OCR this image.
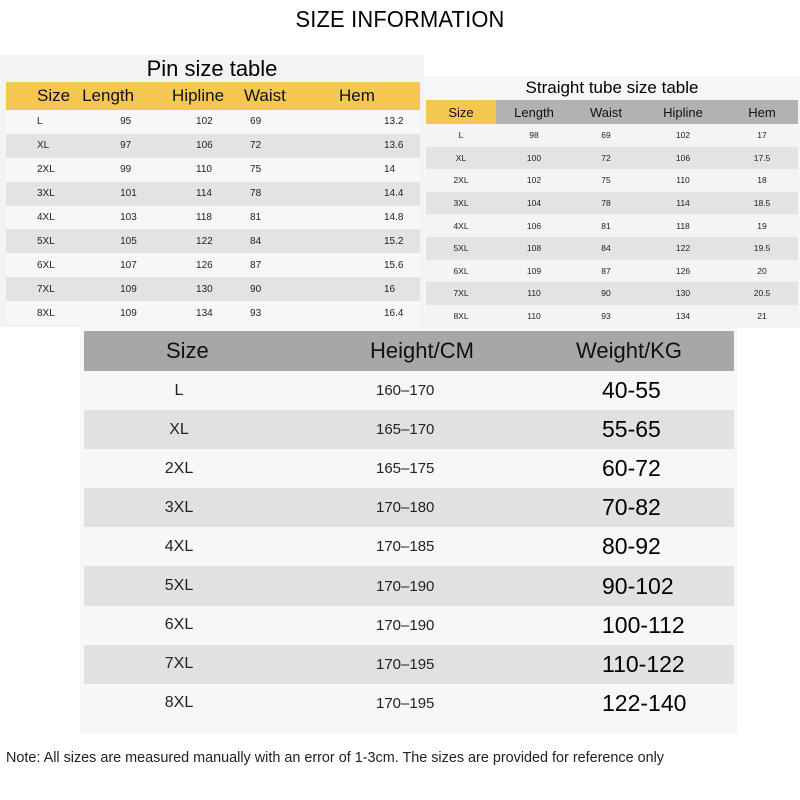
SIZE INFORMATION
Pin size table
Size	Length	Hipline	Waist	Hem
L	95	102	69	13.2
XL	97	106	72	13.6
2XL	99	110	75	14
3XL	101	114	78	14.4
4XL	103	118	81	14.8
5XL	105	122	84	15.2
6XL	107	126	87	15.6
7XL	109	130	90	16
8XL	109	134	93	16.4
Straight tube size table
Size	Length	Waist	Hipline	Hem
L	98	69	102	17
XL	100	72	106	17.5
2XL	102	75	110	18
3XL	104	78	114	18.5
4XL	106	81	118	19
5XL	108	84	122	19.5
6XL	109	87	126	20
7XL	110	90	130	20.5
8XL	110	93	134	21
Size	Height/CM	Weight/KG
L	160–170	40-55
XL	165–170	55-65
2XL	165–175	60-72
3XL	170–180	70-82
4XL	170–185	80-92
5XL	170–190	90-102
6XL	170–190	100-112
7XL	170–195	110-122
8XL	170–195	122-140
Note: All sizes are measured manually with an error of 1-3cm. The sizes are provided for reference only
